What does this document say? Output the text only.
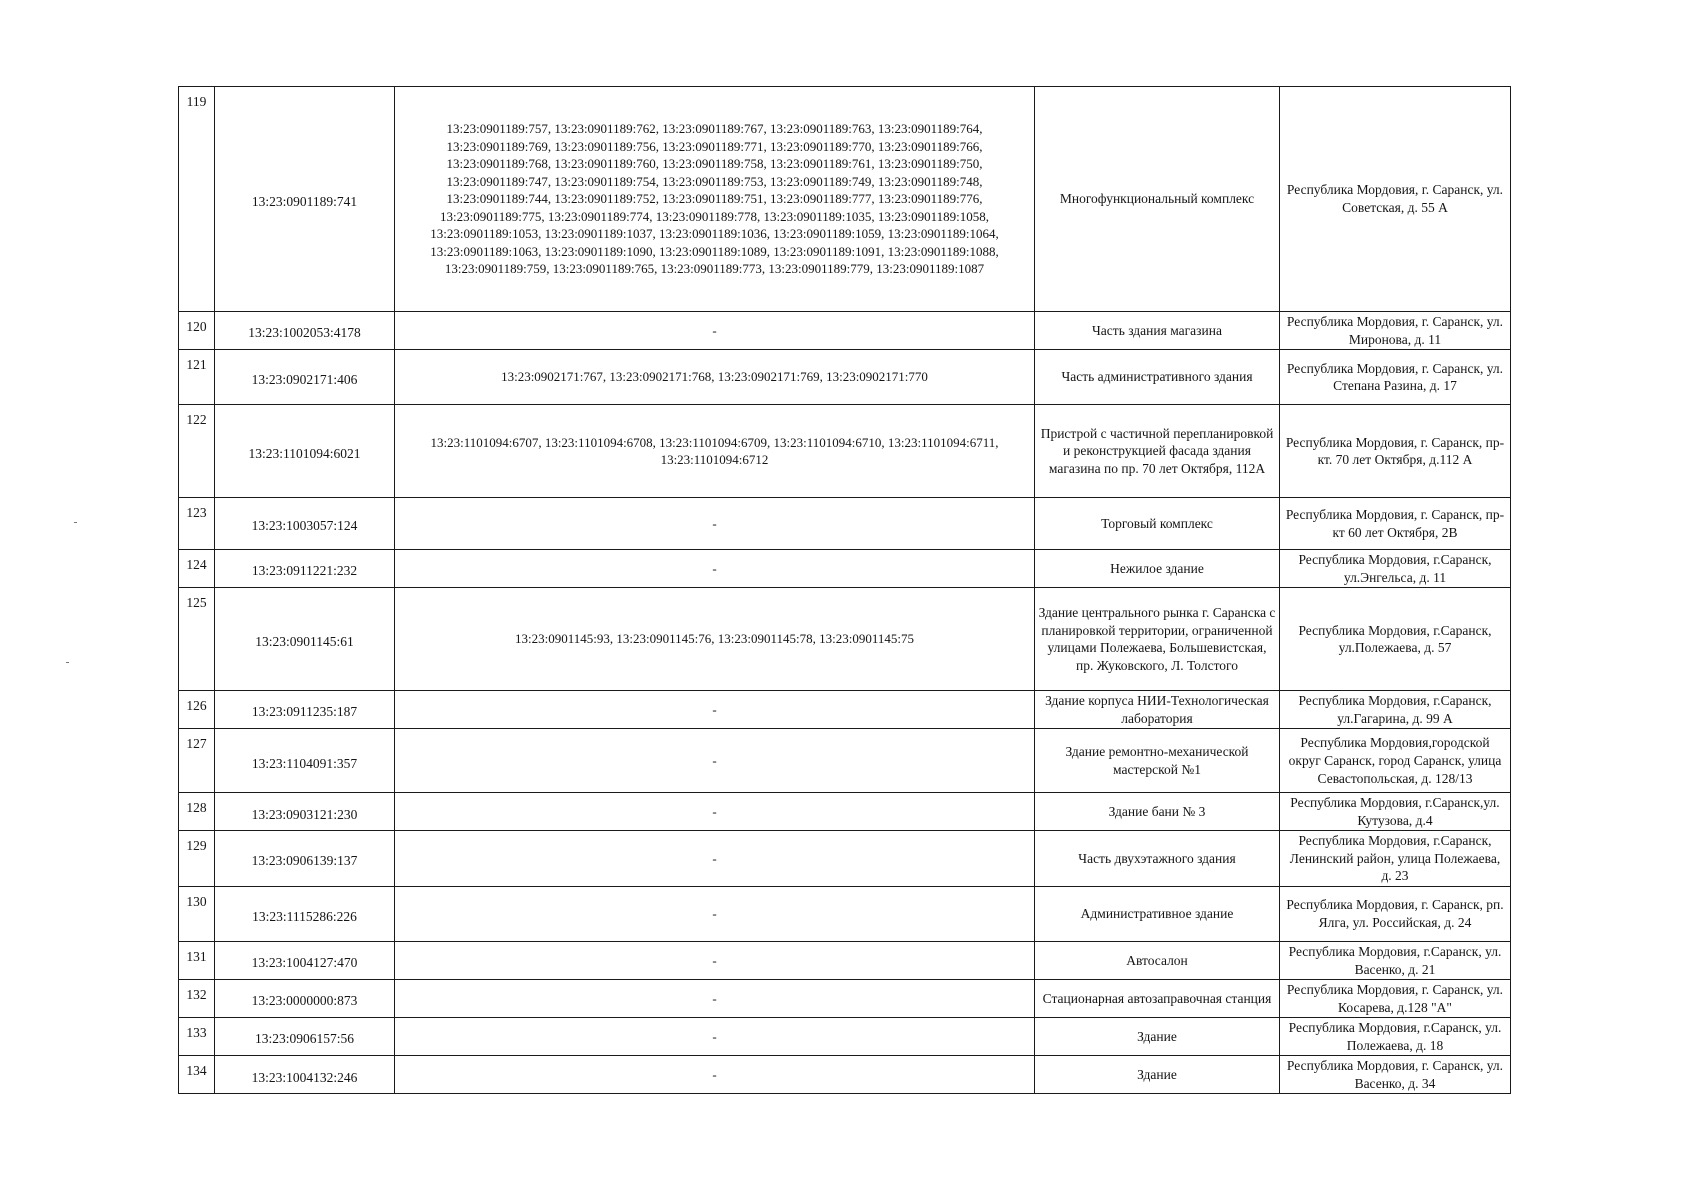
119	13:23:0901189:741	13:23:0901189:757, 13:23:0901189:762, 13:23:0901189:767, 13:23:0901189:763, 13:23:0901189:764, 13:23:0901189:769, 13:23:0901189:756, 13:23:0901189:771, 13:23:0901189:770, 13:23:0901189:766, 13:23:0901189:768, 13:23:0901189:760, 13:23:0901189:758, 13:23:0901189:761, 13:23:0901189:750, 13:23:0901189:747, 13:23:0901189:754, 13:23:0901189:753, 13:23:0901189:749, 13:23:0901189:748, 13:23:0901189:744, 13:23:0901189:752, 13:23:0901189:751, 13:23:0901189:777, 13:23:0901189:776, 13:23:0901189:775, 13:23:0901189:774, 13:23:0901189:778, 13:23:0901189:1035, 13:23:0901189:1058, 13:23:0901189:1053, 13:23:0901189:1037, 13:23:0901189:1036, 13:23:0901189:1059, 13:23:0901189:1064, 13:23:0901189:1063, 13:23:0901189:1090, 13:23:0901189:1089, 13:23:0901189:1091, 13:23:0901189:1088, 13:23:0901189:759, 13:23:0901189:765, 13:23:0901189:773, 13:23:0901189:779, 13:23:0901189:1087	Многофункциональный комплекс	Республика Мордовия, г. Саранск, ул. Советская, д. 55 А
120	13:23:1002053:4178	-	Часть здания магазина	Республика Мордовия, г. Саранск, ул. Миронова, д. 11
121	13:23:0902171:406	13:23:0902171:767, 13:23:0902171:768, 13:23:0902171:769, 13:23:0902171:770	Часть административного здания	Республика Мордовия, г. Саранск, ул. Степана Разина, д. 17
122	13:23:1101094:6021	13:23:1101094:6707, 13:23:1101094:6708, 13:23:1101094:6709, 13:23:1101094:6710, 13:23:1101094:6711, 13:23:1101094:6712	Пристрой с частичной перепланировкой и реконструкцией фасада здания магазина по пр. 70 лет Октября, 112А	Республика Мордовия, г. Саранск, пр-кт. 70 лет Октября, д.112 А
123	13:23:1003057:124	-	Торговый комплекс	Республика Мордовия, г. Саранск, пр-кт 60 лет Октября, 2В
124	13:23:0911221:232	-	Нежилое здание	Республика Мордовия, г.Саранск, ул.Энгельса, д. 11
125	13:23:0901145:61	13:23:0901145:93, 13:23:0901145:76, 13:23:0901145:78, 13:23:0901145:75	Здание центрального рынка г. Саранска с планировкой территории, ограниченной улицами Полежаева, Большевистская, пр. Жуковского, Л. Толстого	Республика Мордовия, г.Саранск, ул.Полежаева, д. 57
126	13:23:0911235:187	-	Здание корпуса НИИ-Технологическая лаборатория	Республика Мордовия, г.Саранск, ул.Гагарина, д. 99 А
127	13:23:1104091:357	-	Здание ремонтно-механической мастерской №1	Республика Мордовия,городской округ Саранск, город Саранск, улица Севастопольская, д. 128/13
128	13:23:0903121:230	-	Здание бани № 3	Республика Мордовия, г.Саранск,ул. Кутузова, д.4
129	13:23:0906139:137	-	Часть двухэтажного здания	Республика Мордовия, г.Саранск, Ленинский район, улица Полежаева, д. 23
130	13:23:1115286:226	-	Административное здание	Республика Мордовия, г. Саранск, рп. Ялга, ул. Российская, д. 24
131	13:23:1004127:470	-	Автосалон	Республика Мордовия, г.Саранск, ул. Васенко, д. 21
132	13:23:0000000:873	-	Стационарная автозаправочная станция	Республика Мордовия, г. Саранск, ул. Косарева, д.128 "А"
133	13:23:0906157:56	-	Здание	Республика Мордовия, г.Саранск, ул. Полежаева, д. 18
134	13:23:1004132:246	-	Здание	Республика Мордовия, г. Саранск, ул. Васенко, д. 34
